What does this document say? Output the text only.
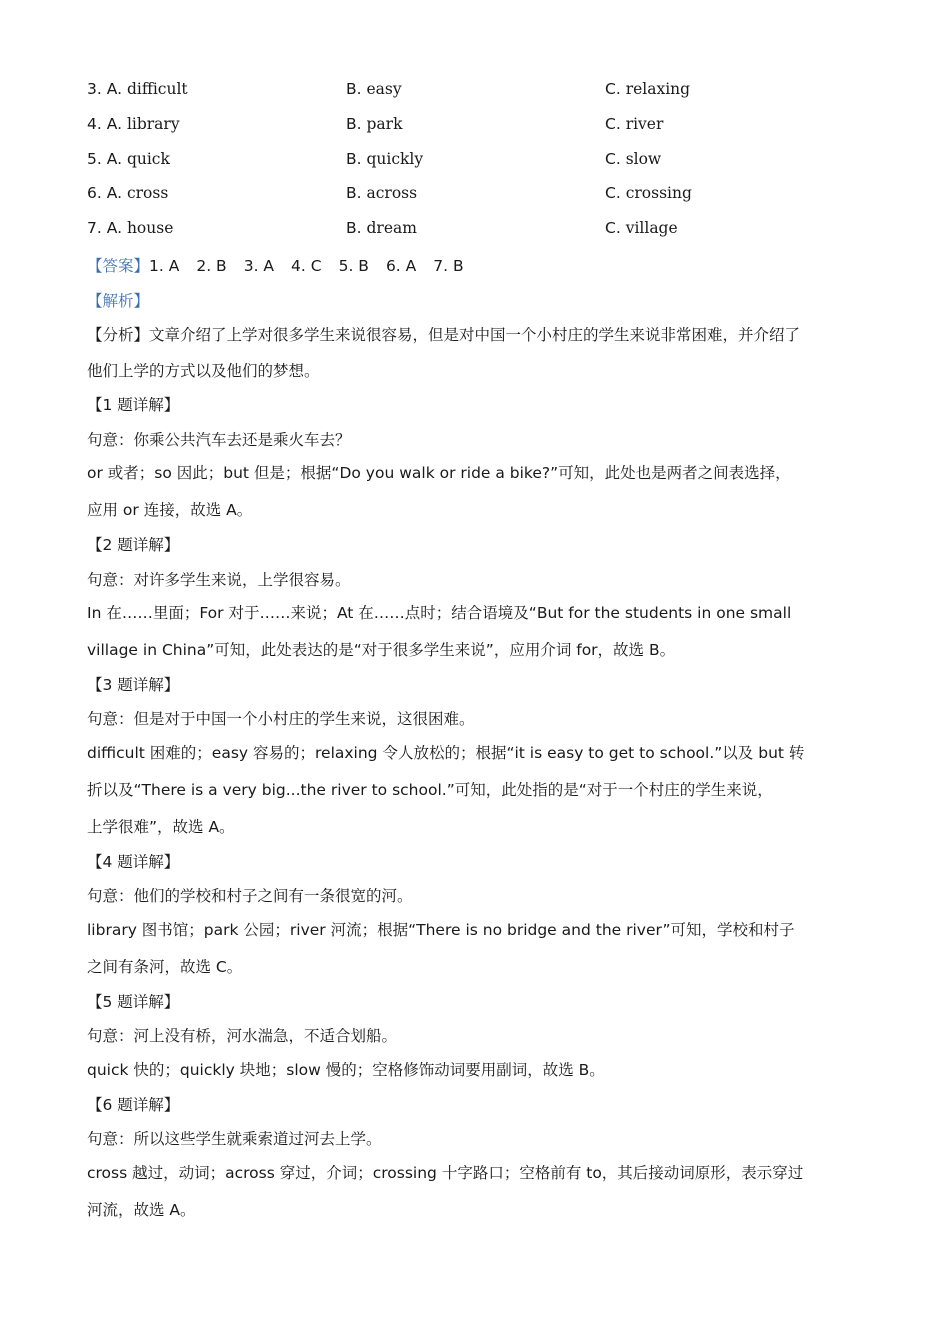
3. A. difficult	B. easy	C. relaxing
4. A. library	B. park	C. river
5. A. quick	B. quickly	C. slow
6. A. cross	B. across	C. crossing
7. A. house	B. dream	C. village
【答案】1. A 2. B 3. A 4. C 5. B 6. A 7. B
【解析】
【分析】文章介绍了上学对很多学生来说很容易，但是对中国一个小村庄的学生来说非常困难，并介绍了
他们上学的方式以及他们的梦想。
【1 题详解】
句意：你乘公共汽车去还是乘火车去？
or 或者；so 因此；but 但是；根据“Do you walk or ride a bike?”可知，此处也是两者之间表选择，
应用 or 连接，故选 A。
【2 题详解】
句意：对许多学生来说，上学很容易。
In 在……里面；For 对于……来说；At 在……点时；结合语境及“But for the students in one small
village in China”可知，此处表达的是“对于很多学生来说”，应用介词 for，故选 B。
【3 题详解】
句意：但是对于中国一个小村庄的学生来说，这很困难。
difficult 困难的；easy 容易的；relaxing 令人放松的；根据“it is easy to get to school.”以及 but 转
折以及“There is a very big...the river to school.”可知，此处指的是“对于一个村庄的学生来说，
上学很难”，故选 A。
【4 题详解】
句意：他们的学校和村子之间有一条很宽的河。
library 图书馆；park 公园；river 河流；根据“There is no bridge and the river”可知，学校和村子
之间有条河，故选 C。
【5 题详解】
句意：河上没有桥，河水湍急，不适合划船。
quick 快的；quickly 块地；slow 慢的；空格修饰动词要用副词，故选 B。
【6 题详解】
句意：所以这些学生就乘索道过河去上学。
cross 越过，动词；across 穿过，介词；crossing 十字路口；空格前有 to，其后接动词原形，表示穿过
河流，故选 A。
